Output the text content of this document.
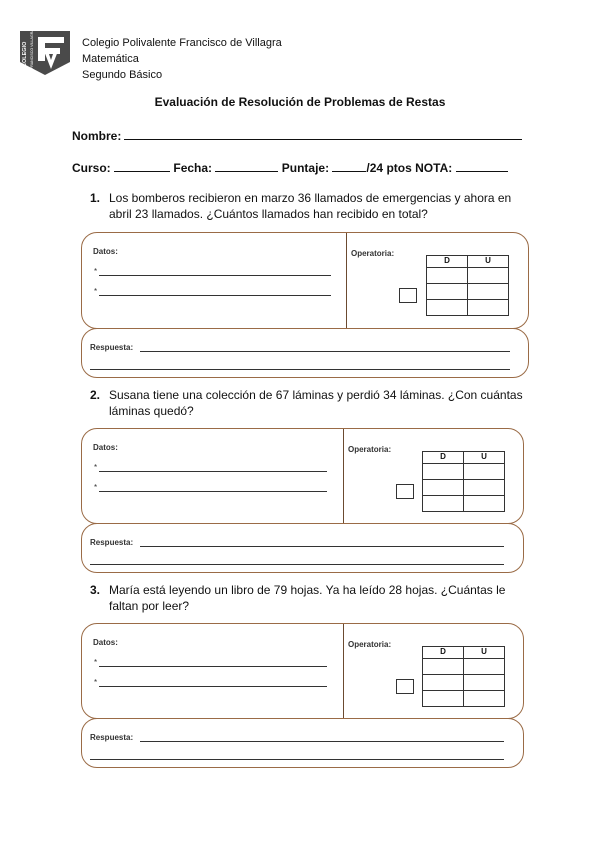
COLEGIO FRANCISCO VILLAGRA	Colegio Polivalente Francisco de Villagra
Matemática
Segundo Básico
Evaluación de Resolución de Problemas de Restas
Nombre:
Curso:	Fecha:	Puntaje:	/24 ptos NOTA:
1. Los bomberos recibieron en marzo 36 llamados de emergencias y ahora en abril 23 llamados. ¿Cuántos llamados han recibido en total?
Datos:
*
*
Operatoria:
D	U

Respuesta:
2. Susana tiene una colección de 67 láminas y perdió 34 láminas. ¿Con cuántas láminas quedó?
Datos:
*
*
Operatoria:
D	U

Respuesta:
3. María está leyendo un libro de 79 hojas. Ya ha leído 28 hojas. ¿Cuántas le faltan por leer?
Datos:
*
*
Operatoria:
D	U

Respuesta:
